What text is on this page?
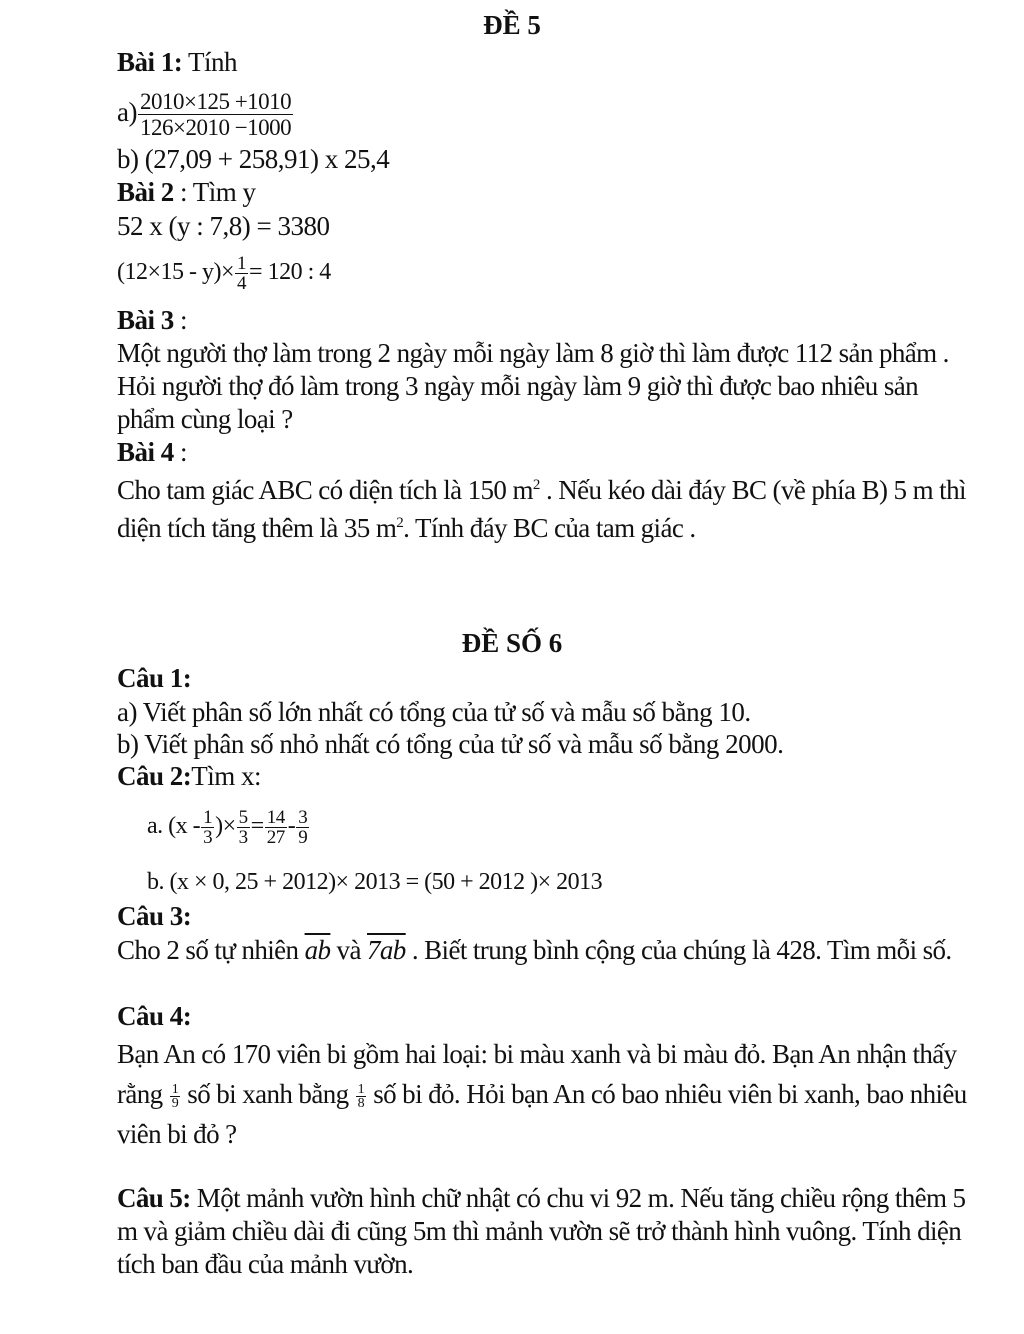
ĐỀ 5
Bài 1: Tính
$a) \frac{2010\times 125 +1010}{126\times 2010 -1000}$
b) (27,09 + 258,91) x 25,4
Bài 2 : Tìm y
52 x (y : 7,8) = 3380
$(12\times 15 - y)\times \frac{1}{4} = 120$ : 4
Bài 3 :
Một người thợ làm trong 2 ngày mỗi ngày làm 8 giờ thì làm được 112 sản phẩm . Hỏi người thợ đó làm trong 3 ngày mỗi ngày làm 9 giờ thì được bao nhiêu sản phẩm cùng loại ?
Bài 4 :
Cho tam giác ABC có diện tích là 150 $m^2$ . Nếu kéo dài đáy BC (về phía B) 5 m thì diện tích tăng thêm là 35 $m^2$. Tính đáy BC của tam giác .
ĐỀ SỐ 6
Câu 1:
a) Viết phân số lớn nhất có tổng của tử số và mẫu số bằng 10.
b) Viết phân số nhỏ nhất có tổng của tử số và mẫu số bằng 2000.
Câu 2:Tìm x:
a. ($x - \frac{1}{3}$ )× $\frac{5}{3} = \frac{14}{27} - \frac{3}{9}$
b. (x × 0, 25 + 2012)× 2013 = (50 + 2012 )× 2013
Câu 3:
Cho 2 số tự nhiên $\overline{ab}$ và 7ab . Biết trung bình cộng của chúng là 428. Tìm mỗi số.
Câu 4:
Bạn An có 170 viên bi gồm hai loại: bi màu xanh và bi màu đỏ. Bạn An nhận thấy rằng $\frac{1}{9}$ số bi xanh bằng $\frac{1}{8}$ số bi đỏ. Hỏi bạn An có bao nhiêu viên bi xanh, bao nhiêu viên bi đỏ ?
Câu 5: Một mảnh vườn hình chữ nhật có chu vi 92 m. Nếu tăng chiều rộng thêm 5 m và giảm chiều dài đi cũng 5m thì mảnh vườn sẽ trở thành hình vuông. Tính diện tích ban đầu của mảnh vườn.
